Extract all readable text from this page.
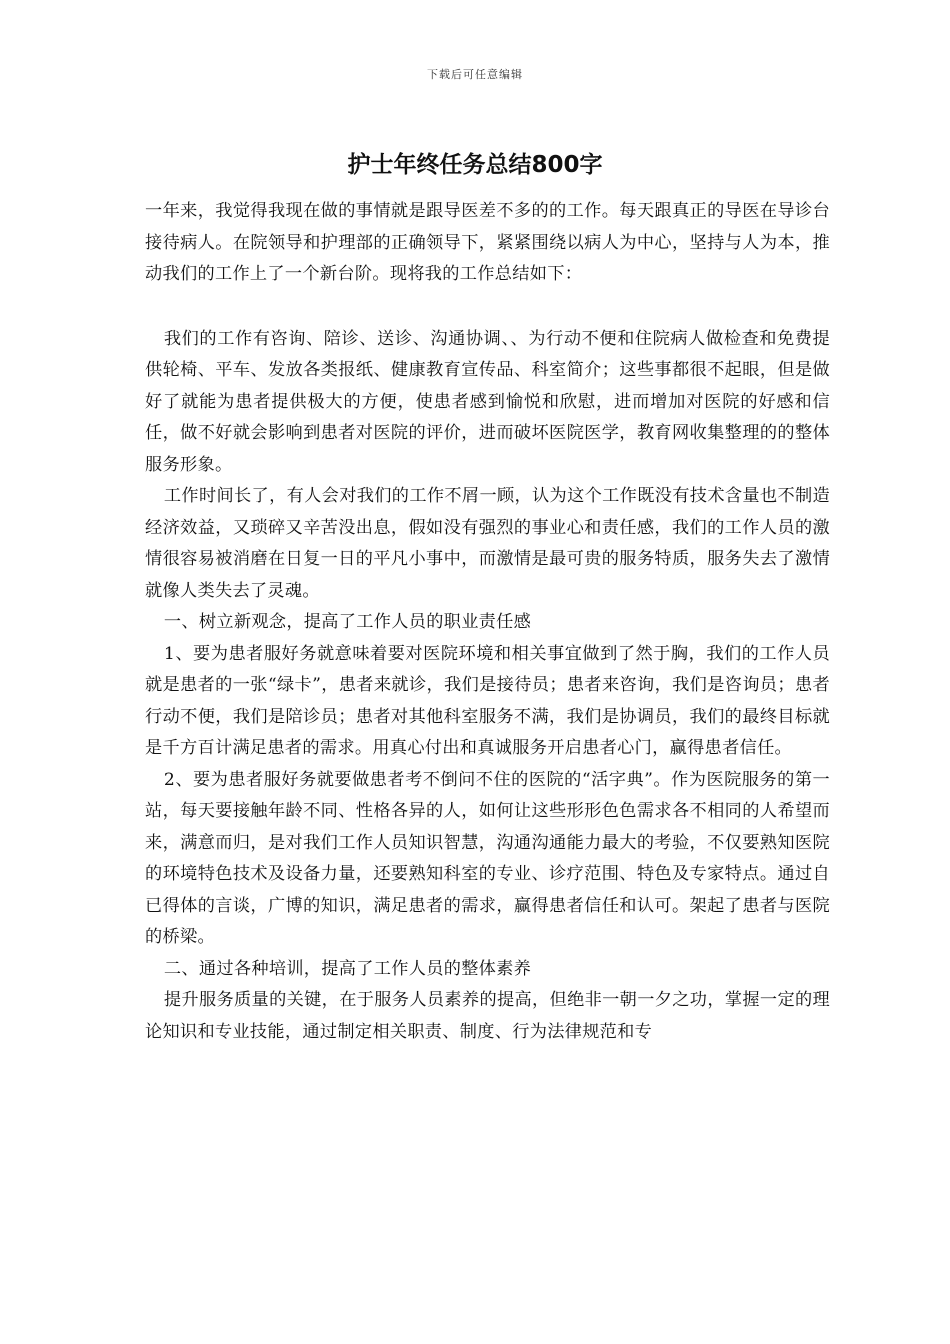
下载后可任意编辑
护士年终任务总结800字

一年来，我觉得我现在做的事情就是跟导医差不多的的工作。每天跟真正的导医在导诊台接待病人。在院领导和护理部的正确领导下，紧紧围绕以病人为中心，坚持与人为本，推动我们的工作上了一个新台阶。现将我的工作总结如下：

我们的工作有咨询、陪诊、送诊、沟通协调、、为行动不便和住院病人做检查和免费提供轮椅、平车、发放各类报纸、健康教育宣传品、科室简介；这些事都很不起眼，但是做好了就能为患者提供极大的方便，使患者感到愉悦和欣慰，进而增加对医院的好感和信任，做不好就会影响到患者对医院的评价，进而破坏医院医学，教育网收集整理的的整体服务形象。

工作时间长了，有人会对我们的工作不屑一顾，认为这个工作既没有技术含量也不制造经济效益，又琐碎又辛苦没出息，假如没有强烈的事业心和责任感，我们的工作人员的激情很容易被消磨在日复一日的平凡小事中，而激情是最可贵的服务特质，服务失去了激情就像人类失去了灵魂。

一、树立新观念，提高了工作人员的职业责任感

1、要为患者服好务就意味着要对医院环境和相关事宜做到了然于胸，我们的工作人员就是患者的一张“绿卡”，患者来就诊，我们是接待员；患者来咨询，我们是咨询员；患者行动不便，我们是陪诊员；患者对其他科室服务不满，我们是协调员，我们的最终目标就是千方百计满足患者的需求。用真心付出和真诚服务开启患者心门，赢得患者信任。

2、要为患者服好务就要做患者考不倒问不住的医院的“活字典”。作为医院服务的第一站，每天要接触年龄不同、性格各异的人，如何让这些形形色色需求各不相同的人希望而来，满意而归，是对我们工作人员知识智慧，沟通沟通能力最大的考验，不仅要熟知医院的环境特色技术及设备力量，还要熟知科室的专业、诊疗范围、特色及专家特点。通过自已得体的言谈，广博的知识，满足患者的需求，赢得患者信任和认可。架起了患者与医院的桥梁。

二、通过各种培训，提高了工作人员的整体素养

提升服务质量的关键，在于服务人员素养的提高，但绝非一朝一夕之功，掌握一定的理论知识和专业技能，通过制定相关职责、制度、行为法律规范和专
